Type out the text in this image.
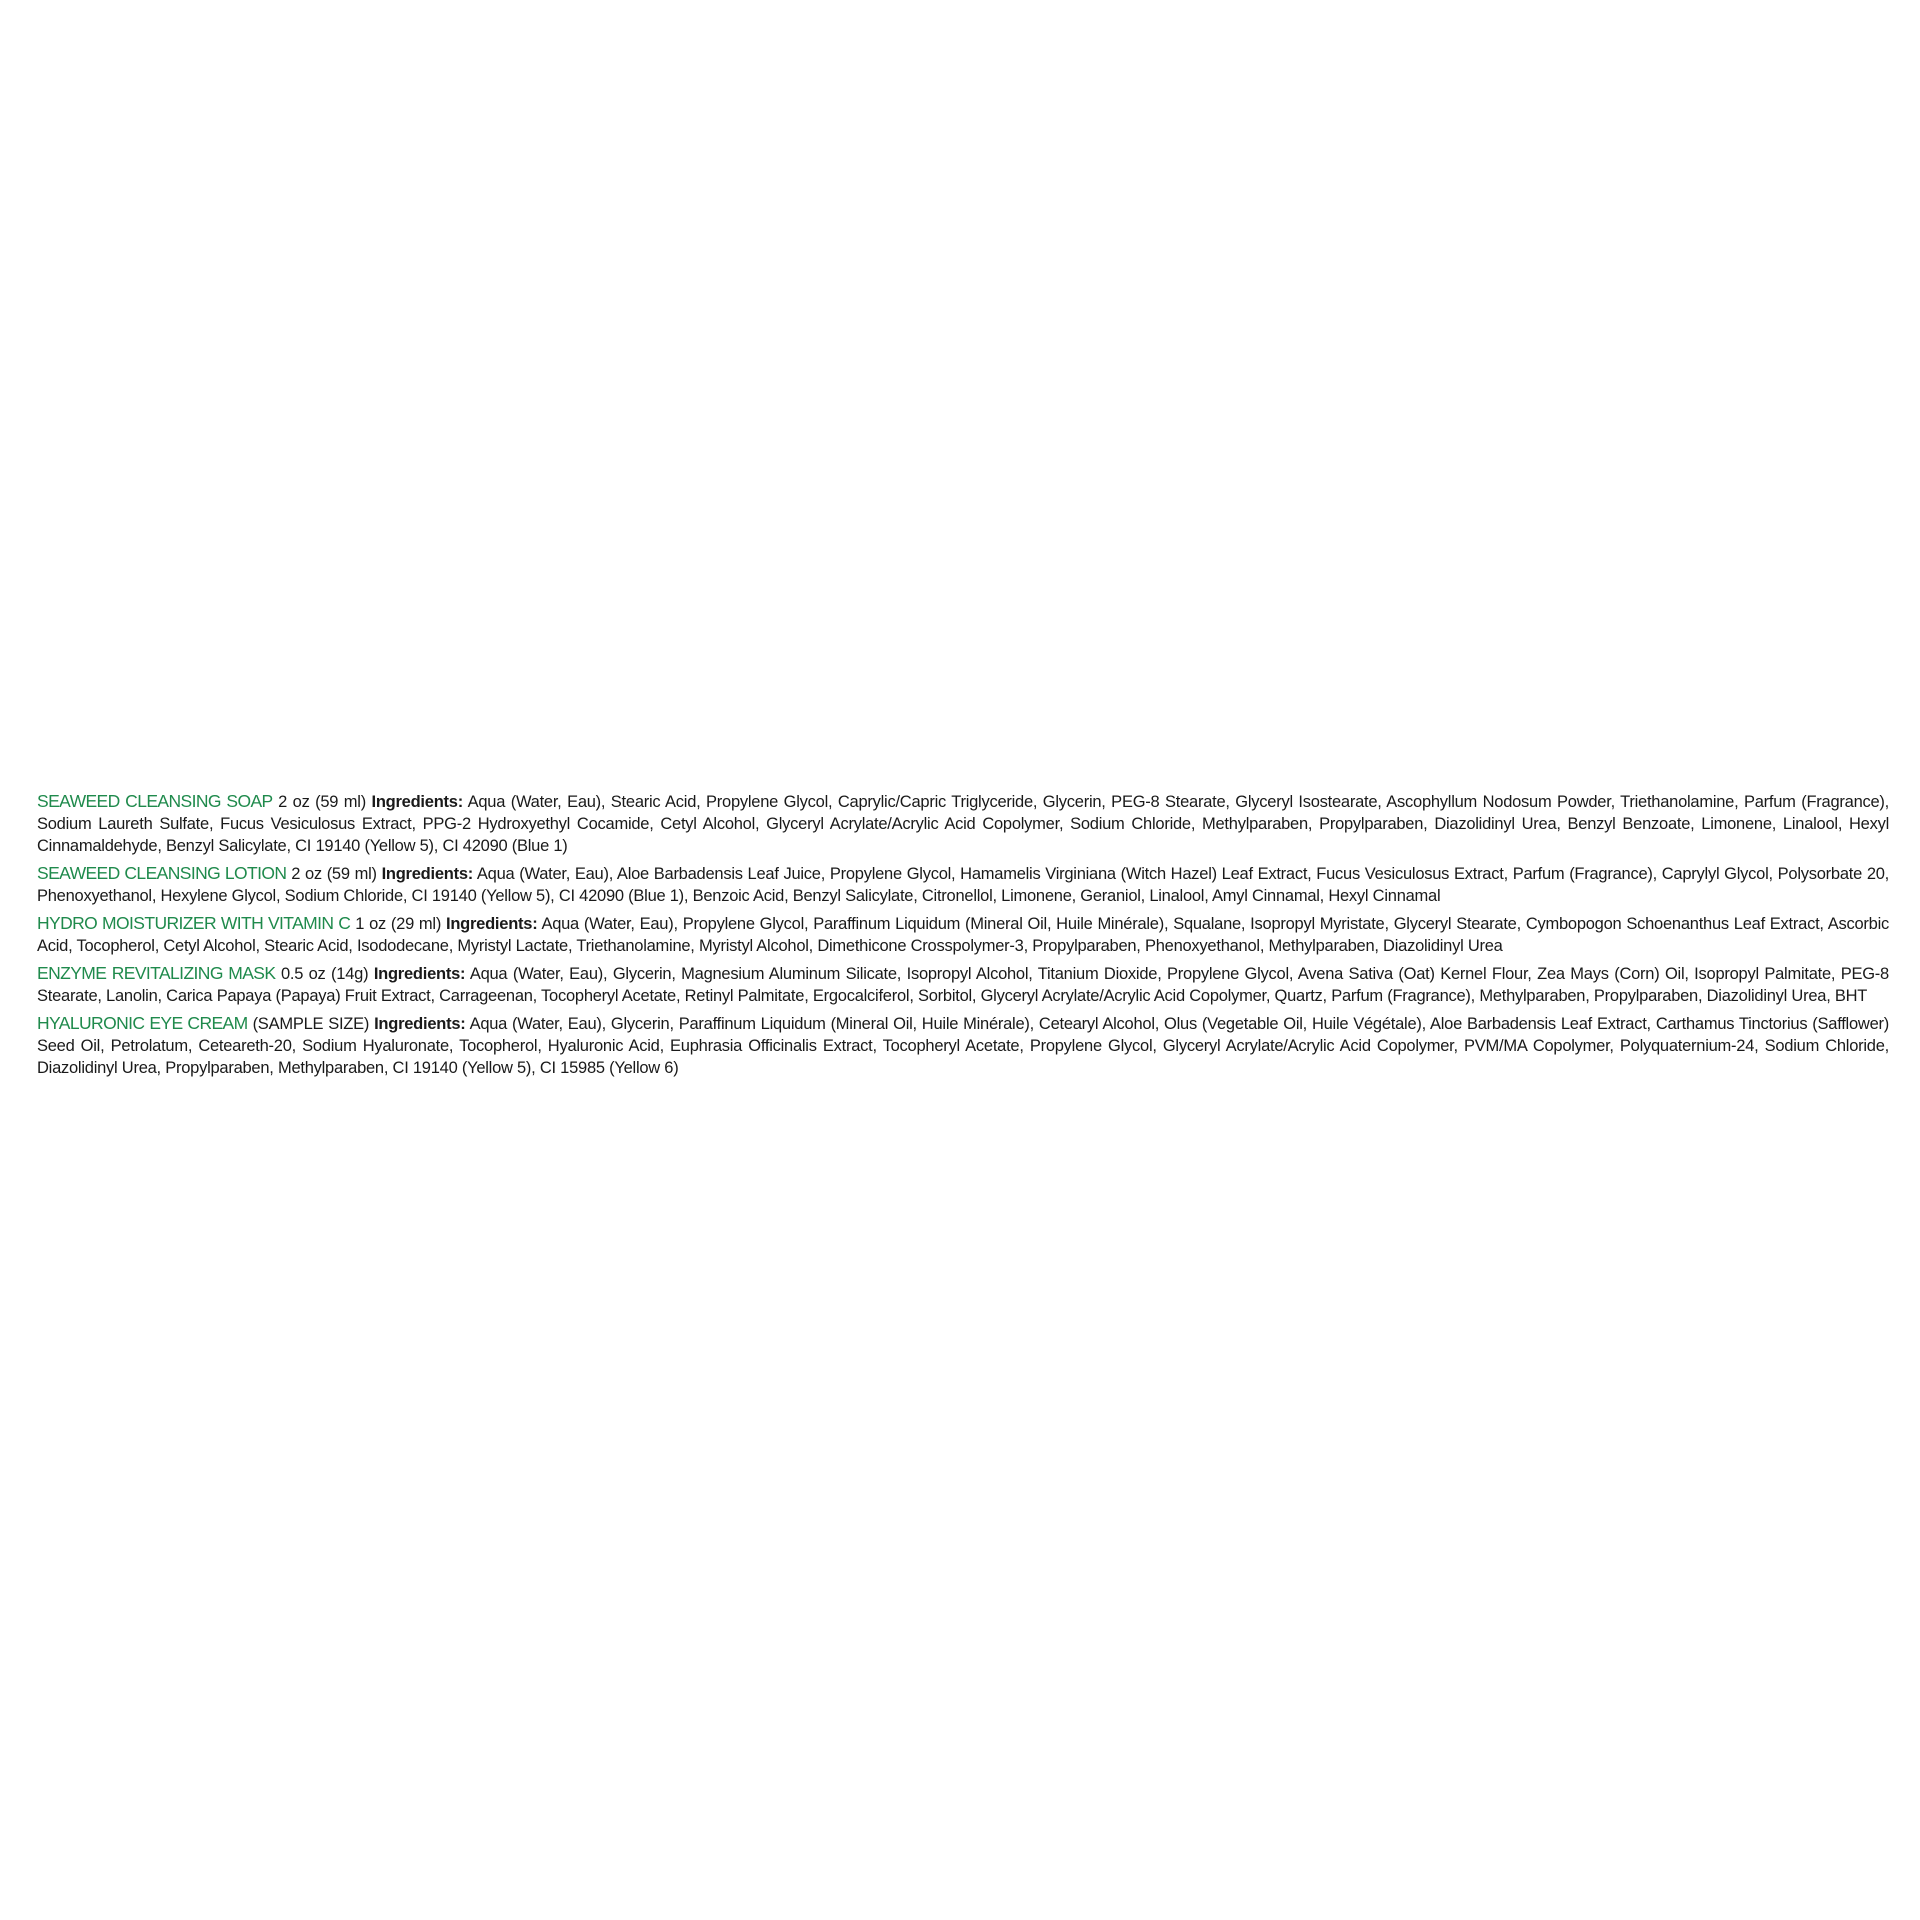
SEAWEED CLEANSING SOAP 2 oz (59 ml) Ingredients: Aqua (Water, Eau), Stearic Acid, Propylene Glycol, Caprylic/Capric Triglyceride, Glycerin, PEG-8 Stearate, Glyceryl Isostearate, Ascophyllum Nodosum Powder, Triethanolamine, Parfum (Fragrance), Sodium Laureth Sulfate, Fucus Vesiculosus Extract, PPG-2 Hydroxyethyl Cocamide, Cetyl Alcohol, Glyceryl Acrylate/Acrylic Acid Copolymer, Sodium Chloride, Methylparaben, Propylparaben, Diazolidinyl Urea, Benzyl Benzoate, Limonene, Linalool, Hexyl Cinnamaldehyde, Benzyl Salicylate, CI 19140 (Yellow 5), CI 42090 (Blue 1)

SEAWEED CLEANSING LOTION 2 oz (59 ml) Ingredients: Aqua (Water, Eau), Aloe Barbadensis Leaf Juice, Propylene Glycol, Hamamelis Virginiana (Witch Hazel) Leaf Extract, Fucus Vesiculosus Extract, Parfum (Fragrance), Caprylyl Glycol, Polysorbate 20, Phenoxyethanol, Hexylene Glycol, Sodium Chloride, CI 19140 (Yellow 5), CI 42090 (Blue 1), Benzoic Acid, Benzyl Salicylate, Citronellol, Limonene, Geraniol, Linalool, Amyl Cinnamal, Hexyl Cinnamal

HYDRO MOISTURIZER WITH VITAMIN C 1 oz (29 ml) Ingredients: Aqua (Water, Eau), Propylene Glycol, Paraffinum Liquidum (Mineral Oil, Huile Minérale), Squalane, Isopropyl Myristate, Glyceryl Stearate, Cymbopogon Schoenanthus Leaf Extract, Ascorbic Acid, Tocopherol, Cetyl Alcohol, Stearic Acid, Isododecane, Myristyl Lactate, Triethanolamine, Myristyl Alcohol, Dimethicone Crosspolymer-3, Propylparaben, Phenoxyethanol, Methylparaben, Diazolidinyl Urea

ENZYME REVITALIZING MASK 0.5 oz (14g) Ingredients: Aqua (Water, Eau), Glycerin, Magnesium Aluminum Silicate, Isopropyl Alcohol, Titanium Dioxide, Propylene Glycol, Avena Sativa (Oat) Kernel Flour, Zea Mays (Corn) Oil, Isopropyl Palmitate, PEG-8 Stearate, Lanolin, Carica Papaya (Papaya) Fruit Extract, Carrageenan, Tocopheryl Acetate, Retinyl Palmitate, Ergocalciferol, Sorbitol, Glyceryl Acrylate/Acrylic Acid Copolymer, Quartz, Parfum (Fragrance), Methylparaben, Propylparaben, Diazolidinyl Urea, BHT

HYALURONIC EYE CREAM (SAMPLE SIZE) Ingredients: Aqua (Water, Eau), Glycerin, Paraffinum Liquidum (Mineral Oil, Huile Minérale), Cetearyl Alcohol, Olus (Vegetable Oil, Huile Végétale), Aloe Barbadensis Leaf Extract, Carthamus Tinctorius (Safflower) Seed Oil, Petrolatum, Ceteareth-20, Sodium Hyaluronate, Tocopherol, Hyaluronic Acid, Euphrasia Officinalis Extract, Tocopheryl Acetate, Propylene Glycol, Glyceryl Acrylate/Acrylic Acid Copolymer, PVM/MA Copolymer, Polyquaternium-24, Sodium Chloride, Diazolidinyl Urea, Propylparaben, Methylparaben, CI 19140 (Yellow 5), CI 15985 (Yellow 6)
